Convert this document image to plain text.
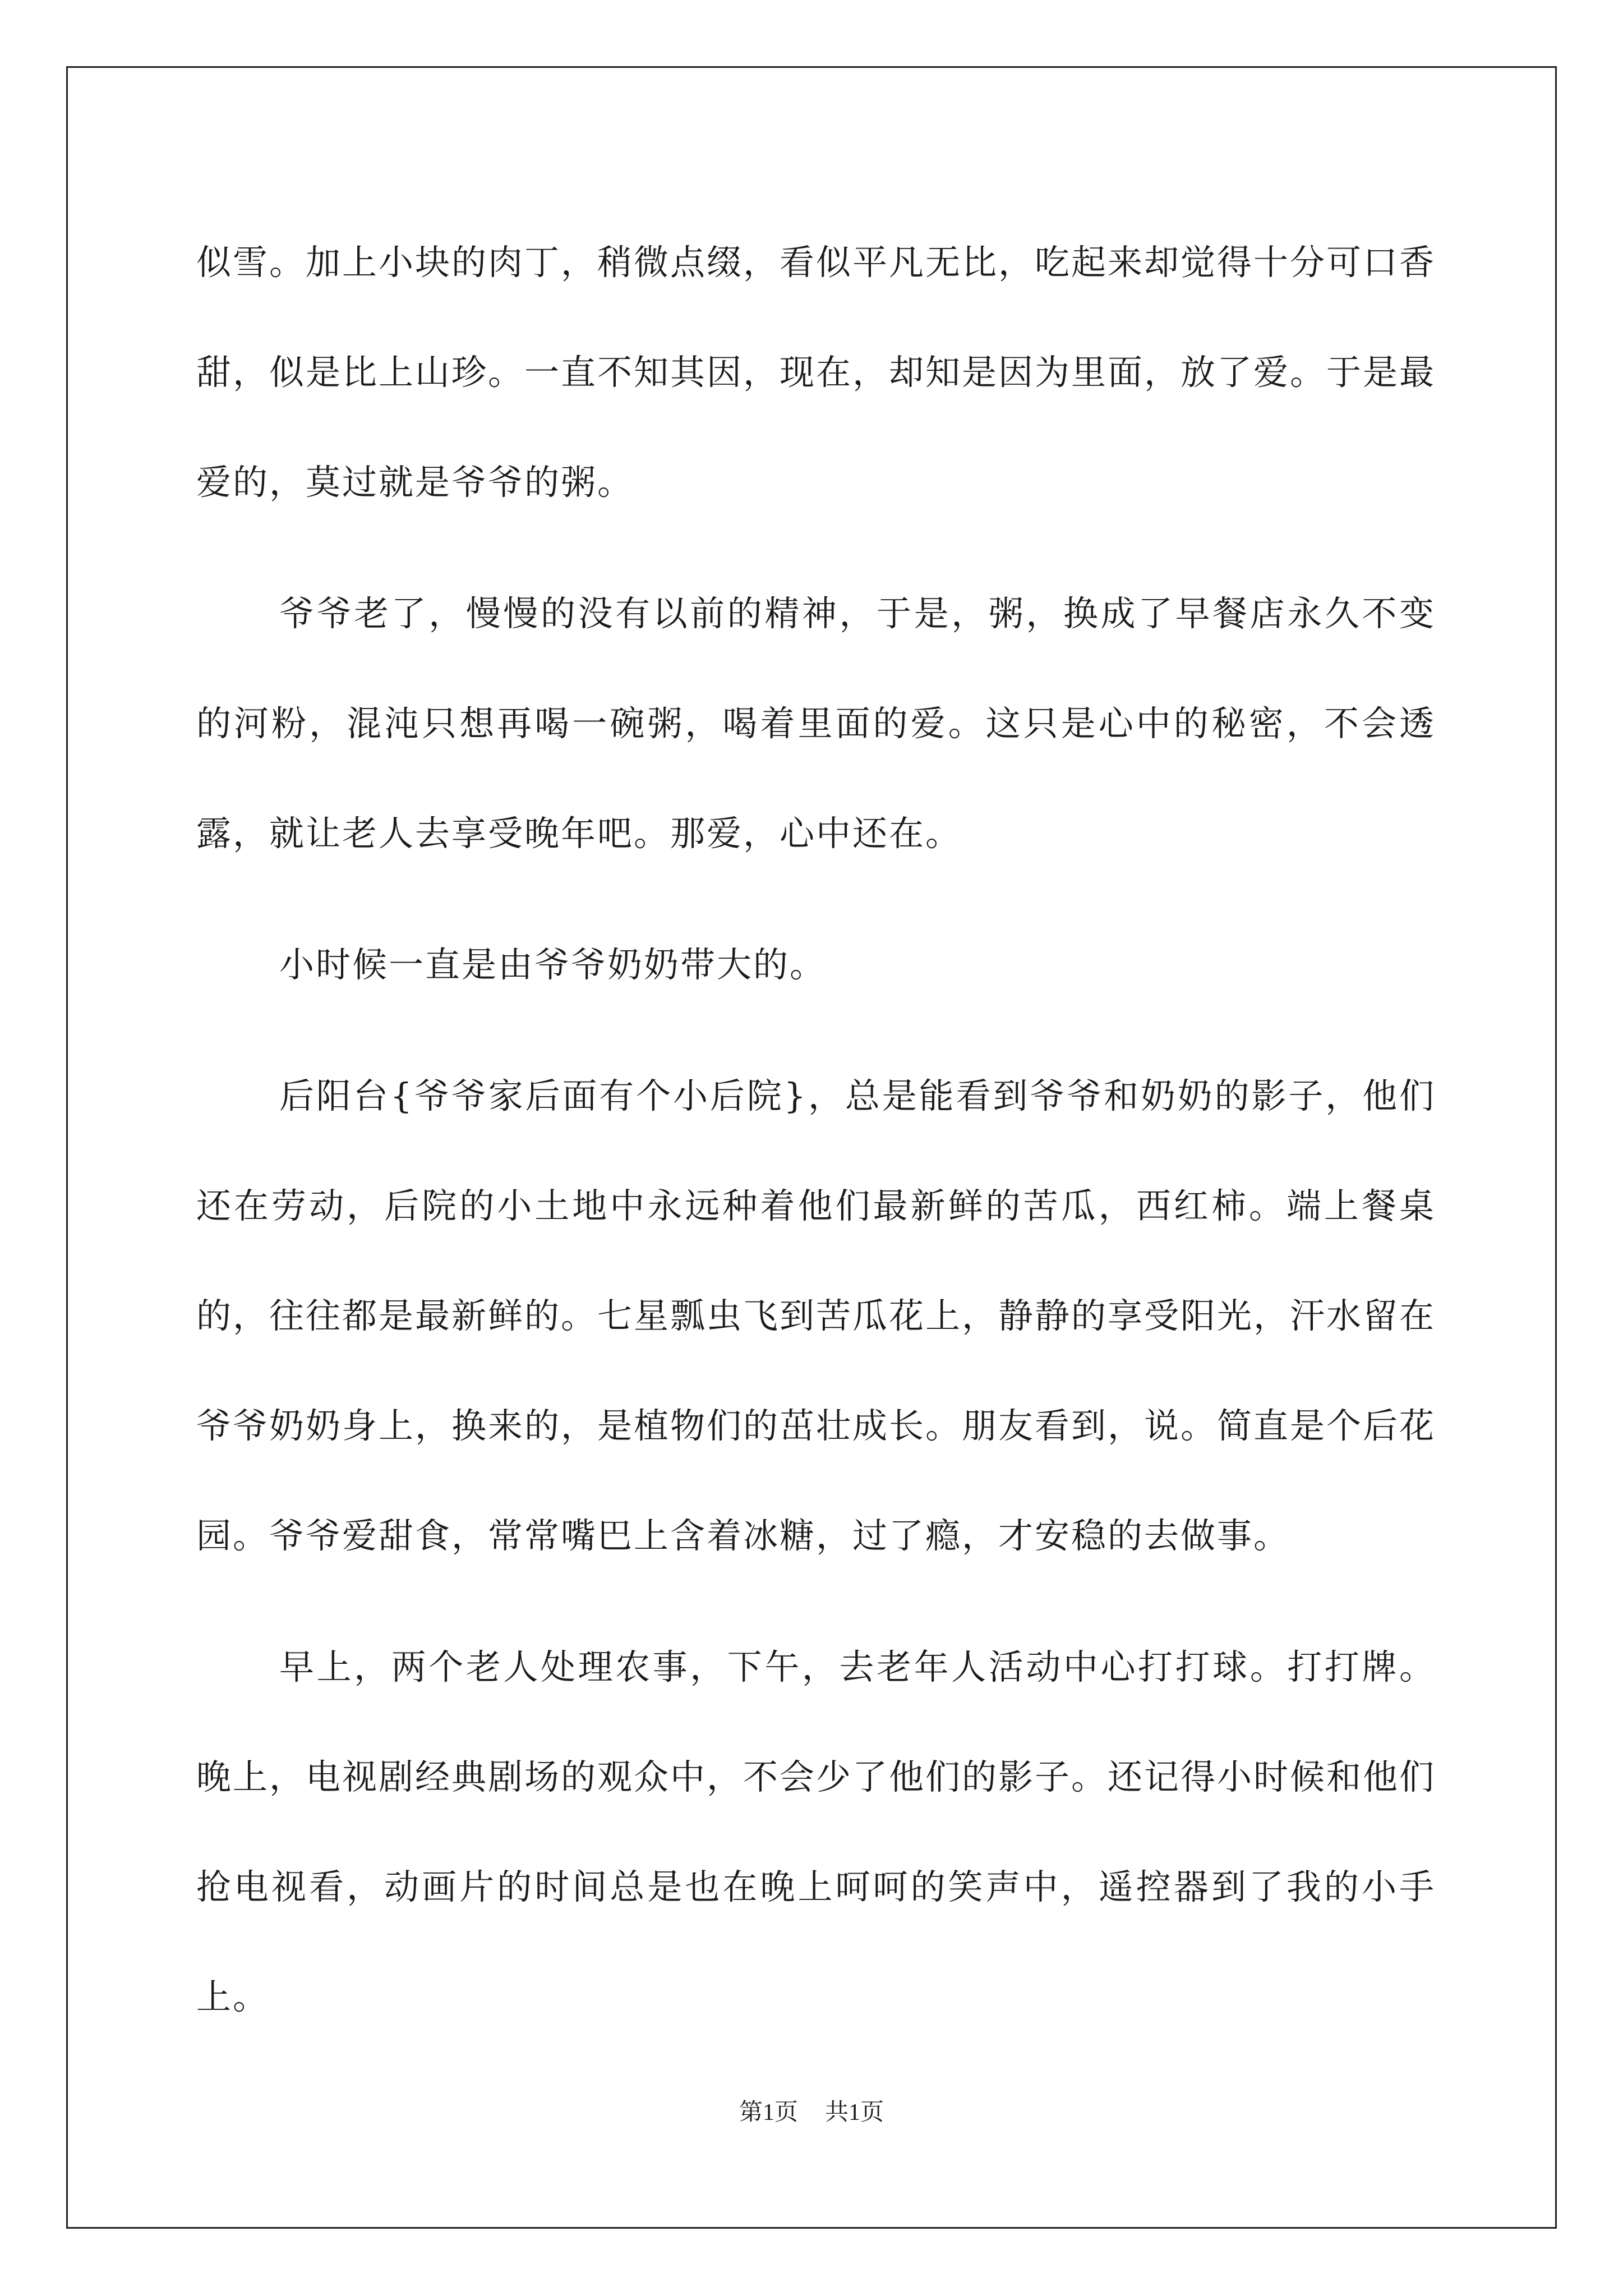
似雪。加上小块的肉丁，稍微点缀，看似平凡无比，吃起来却觉得十分可口香甜，似是比上山珍。一直不知其因，现在，却知是因为里面，放了爱。于是最爱的，莫过就是爷爷的粥。

爷爷老了，慢慢的没有以前的精神，于是，粥，换成了早餐店永久不变的河粉，混沌只想再喝一碗粥，喝着里面的爱。这只是心中的秘密，不会透露，就让老人去享受晚年吧。那爱，心中还在。

小时候一直是由爷爷奶奶带大的。

后阳台{爷爷家后面有个小后院}，总是能看到爷爷和奶奶的影子，他们还在劳动，后院的小土地中永远种着他们最新鲜的苦瓜，西红柿。端上餐桌的，往往都是最新鲜的。七星瓢虫飞到苦瓜花上，静静的享受阳光，汗水留在爷爷奶奶身上，换来的，是植物们的茁壮成长。朋友看到，说。简直是个后花园。爷爷爱甜食，常常嘴巴上含着冰糖，过了瘾，才安稳的去做事。

早上，两个老人处理农事，下午，去老年人活动中心打打球。打打牌。晚上，电视剧经典剧场的观众中，不会少了他们的影子。还记得小时候和他们抢电视看，动画片的时间总是也在晚上呵呵的笑声中，遥控器到了我的小手上。

第1页 共1页
